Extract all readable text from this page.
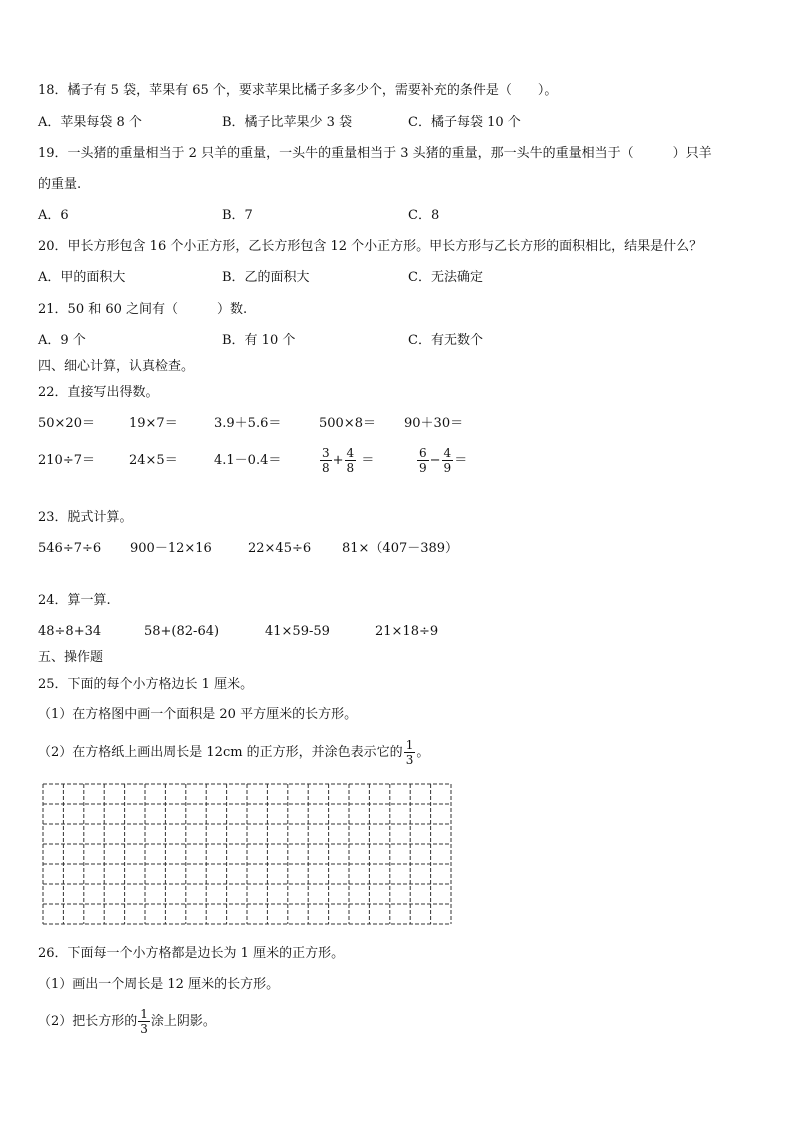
18．橘子有 5 袋，苹果有 65 个，要求苹果比橘子多多少个，需要补充的条件是（　　）。
A．苹果每袋 8 个	B．橘子比苹果少 3 袋	C．橘子每袋 10 个
19．一头猪的重量相当于 2 只羊的重量，一头牛的重量相当于 3 头猪的重量，那一头牛的重量相当于（　　　）只羊
的重量.
A．6	B．7	C．8
20．甲长方形包含 16 个小正方形，乙长方形包含 12 个小正方形。甲长方形与乙长方形的面积相比，结果是什么？
A．甲的面积大	B．乙的面积大	C．无法确定
21．50 和 60 之间有（　　　）数.
A．9 个	B．有 10 个	C．有无数个
四、细心计算，认真检查。
22．直接写出得数。
50×20＝	19×7＝	3.9＋5.6＝	500×8＝ 90＋30＝
210÷7＝	24×5＝	4.1－0.4＝	$\frac{3}{8} + \frac{4}{8}$ ＝	$\frac{6}{9} - \frac{4}{9}$ ＝
23．脱式计算。
546÷7÷6 900－12×16	22×45÷6 81×（407－389）
24．算一算.
48÷8+34	58+(82-64)	41×59-59	21×18÷9
五、操作题
25．下面的每个小方格边长 1 厘米。
（1）在方格图中画一个面积是 20 平方厘米的长方形。
（2）在方格纸上画出周长是 12cm 的正方形，并涂色表示它的 $\frac{1}{3}$ 。
26．下面每一个小方格都是边长为 1 厘米的正方形。
（1）画出一个周长是 12 厘米的长方形。
（2）把长方形的 $\frac{1}{3}$ 涂上阴影。
